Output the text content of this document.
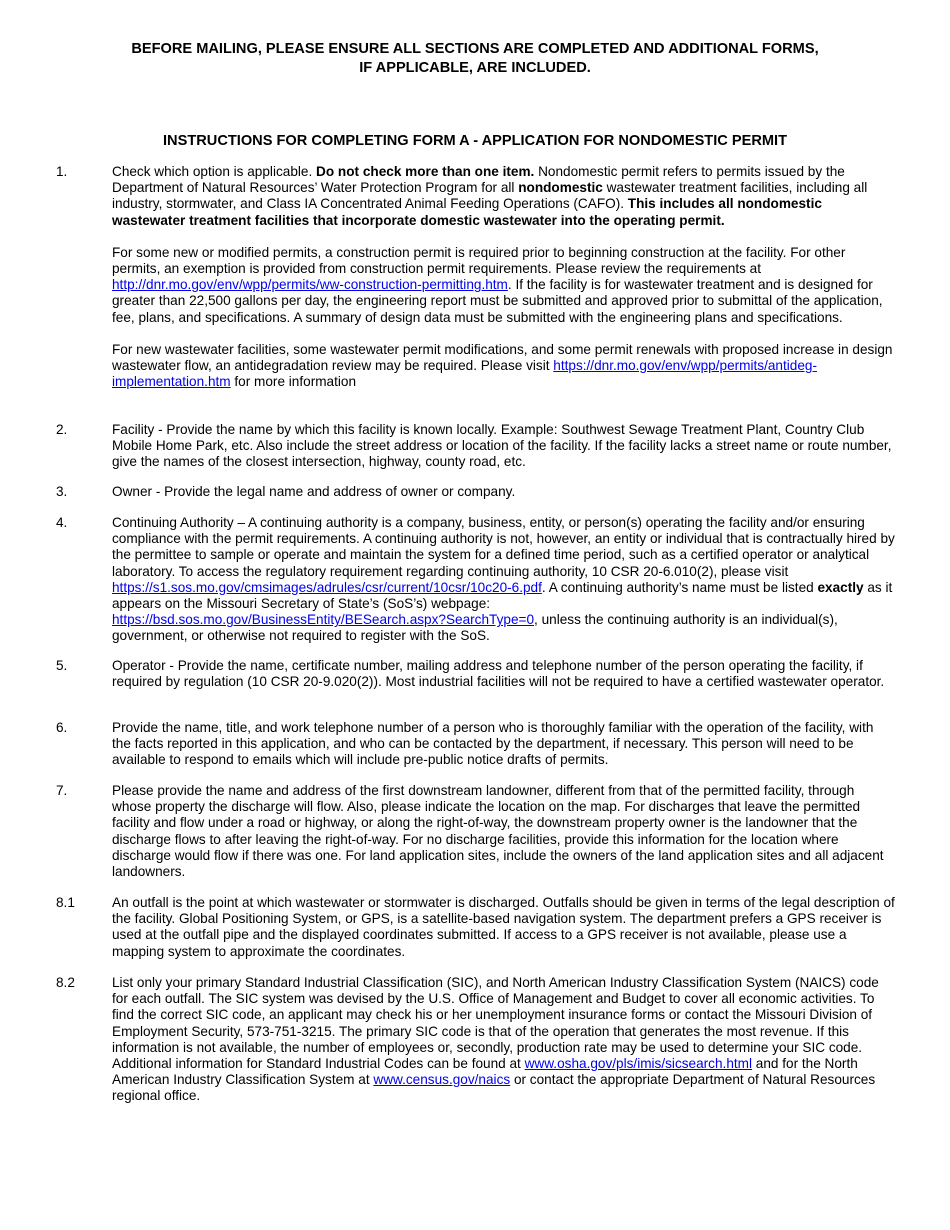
BEFORE MAILING, PLEASE ENSURE ALL SECTIONS ARE COMPLETED AND ADDITIONAL FORMS,
IF APPLICABLE, ARE INCLUDED.
INSTRUCTIONS FOR COMPLETING FORM A - APPLICATION FOR NONDOMESTIC PERMIT
1.	Check which option is applicable. Do not check more than one item. Nondomestic permit refers to permits issued by the Department of Natural Resources’ Water Protection Program for all nondomestic wastewater treatment facilities, including all industry, stormwater, and Class IA Concentrated Animal Feeding Operations (CAFO). This includes all nondomestic wastewater treatment facilities that incorporate domestic wastewater into the operating permit.

For some new or modified permits, a construction permit is required prior to beginning construction at the facility. For other permits, an exemption is provided from construction permit requirements. Please review the requirements at http://dnr.mo.gov/env/wpp/permits/ww-construction-permitting.htm. If the facility is for wastewater treatment and is designed for greater than 22,500 gallons per day, the engineering report must be submitted and approved prior to submittal of the application, fee, plans, and specifications. A summary of design data must be submitted with the engineering plans and specifications.

For new wastewater facilities, some wastewater permit modifications, and some permit renewals with proposed increase in design wastewater flow, an antidegradation review may be required. Please visit https://dnr.mo.gov/env/wpp/permits/antideg-implementation.htm for more information

2.	Facility - Provide the name by which this facility is known locally. Example: Southwest Sewage Treatment Plant, Country Club Mobile Home Park, etc. Also include the street address or location of the facility. If the facility lacks a street name or route number, give the names of the closest intersection, highway, county road, etc.

3.	Owner - Provide the legal name and address of owner or company.

4.	Continuing Authority – A continuing authority is a company, business, entity, or person(s) operating the facility and/or ensuring compliance with the permit requirements. A continuing authority is not, however, an entity or individual that is contractually hired by the permittee to sample or operate and maintain the system for a defined time period, such as a certified operator or analytical laboratory. To access the regulatory requirement regarding continuing authority, 10 CSR 20-6.010(2), please visit https://s1.sos.mo.gov/cmsimages/adrules/csr/current/10csr/10c20-6.pdf. A continuing authority’s name must be listed exactly as it appears on the Missouri Secretary of State’s (SoS’s) webpage:
https://bsd.sos.mo.gov/BusinessEntity/BESearch.aspx?SearchType=0, unless the continuing authority is an individual(s), government, or otherwise not required to register with the SoS.

5.	Operator - Provide the name, certificate number, mailing address and telephone number of the person operating the facility, if required by regulation (10 CSR 20-9.020(2)). Most industrial facilities will not be required to have a certified wastewater operator.

6.	Provide the name, title, and work telephone number of a person who is thoroughly familiar with the operation of the facility, with the facts reported in this application, and who can be contacted by the department, if necessary. This person will need to be available to respond to emails which will include pre-public notice drafts of permits.

7.	Please provide the name and address of the first downstream landowner, different from that of the permitted facility, through whose property the discharge will flow. Also, please indicate the location on the map. For discharges that leave the permitted facility and flow under a road or highway, or along the right-of-way, the downstream property owner is the landowner that the discharge flows to after leaving the right-of-way. For no discharge facilities, provide this information for the location where discharge would flow if there was one. For land application sites, include the owners of the land application sites and all adjacent landowners.

8.1	An outfall is the point at which wastewater or stormwater is discharged. Outfalls should be given in terms of the legal description of the facility. Global Positioning System, or GPS, is a satellite-based navigation system. The department prefers a GPS receiver is used at the outfall pipe and the displayed coordinates submitted. If access to a GPS receiver is not available, please use a mapping system to approximate the coordinates.

8.2	List only your primary Standard Industrial Classification (SIC), and North American Industry Classification System (NAICS) code for each outfall. The SIC system was devised by the U.S. Office of Management and Budget to cover all economic activities. To find the correct SIC code, an applicant may check his or her unemployment insurance forms or contact the Missouri Division of Employment Security, 573-751-3215. The primary SIC code is that of the operation that generates the most revenue. If this information is not available, the number of employees or, secondly, production rate may be used to determine your SIC code. Additional information for Standard Industrial Codes can be found at www.osha.gov/pls/imis/sicsearch.html and for the North American Industry Classification System at www.census.gov/naics or contact the appropriate Department of Natural Resources regional office.
